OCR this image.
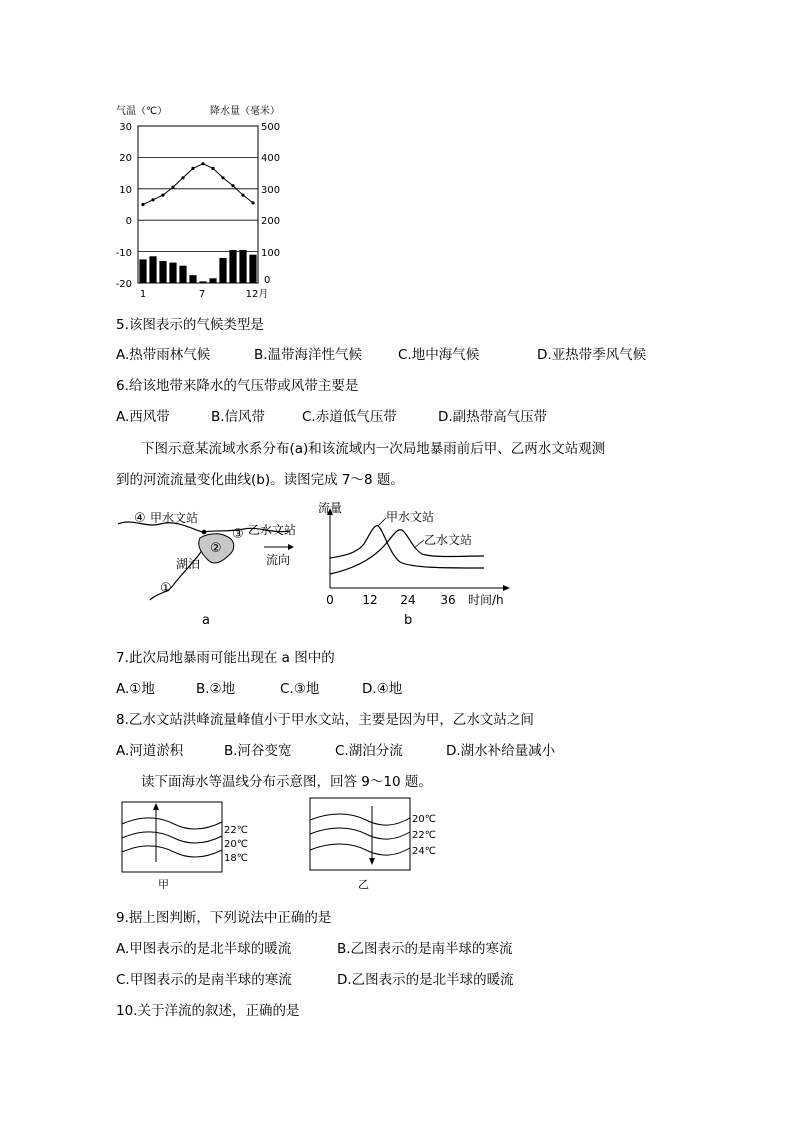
气温（℃）	降水量（毫米）
30
20
10
0
-10
-20
500
400
300
200
100
0
1	7	12月
5.该图表示的气候类型是
A.热带雨林气候	B.温带海洋性气候	C.地中海气候	D.亚热带季风气候
6.给该地带来降水的气压带或风带主要是
A.西风带	B.信风带	C.赤道低气压带	D.副热带高气压带
下图示意某流域水系分布(a)和该流域内一次局地暴雨前后甲、乙两水文站观测
到的河流流量变化曲线(b)。读图完成 7～8 题。
④ 甲水文站
③ 乙水文站
②
湖泊	流向
①
a
流量
甲水文站
乙水文站
0 12 24 36 时间/h
b
7.此次局地暴雨可能出现在 a 图中的
A.①地	B.②地	C.③地	D.④地
8.乙水文站洪峰流量峰值小于甲水文站，主要是因为甲，乙水文站之间
A.河道淤积	B.河谷变宽	C.湖泊分流	D.湖水补给量减小
读下面海水等温线分布示意图，回答 9～10 题。
22℃
20℃
18℃
甲
20℃
22℃
24℃
乙
9.据上图判断，下列说法中正确的是
A.甲图表示的是北半球的暖流	B.乙图表示的是南半球的寒流
C.甲图表示的是南半球的寒流	D.乙图表示的是北半球的暖流
10.关于洋流的叙述，正确的是
